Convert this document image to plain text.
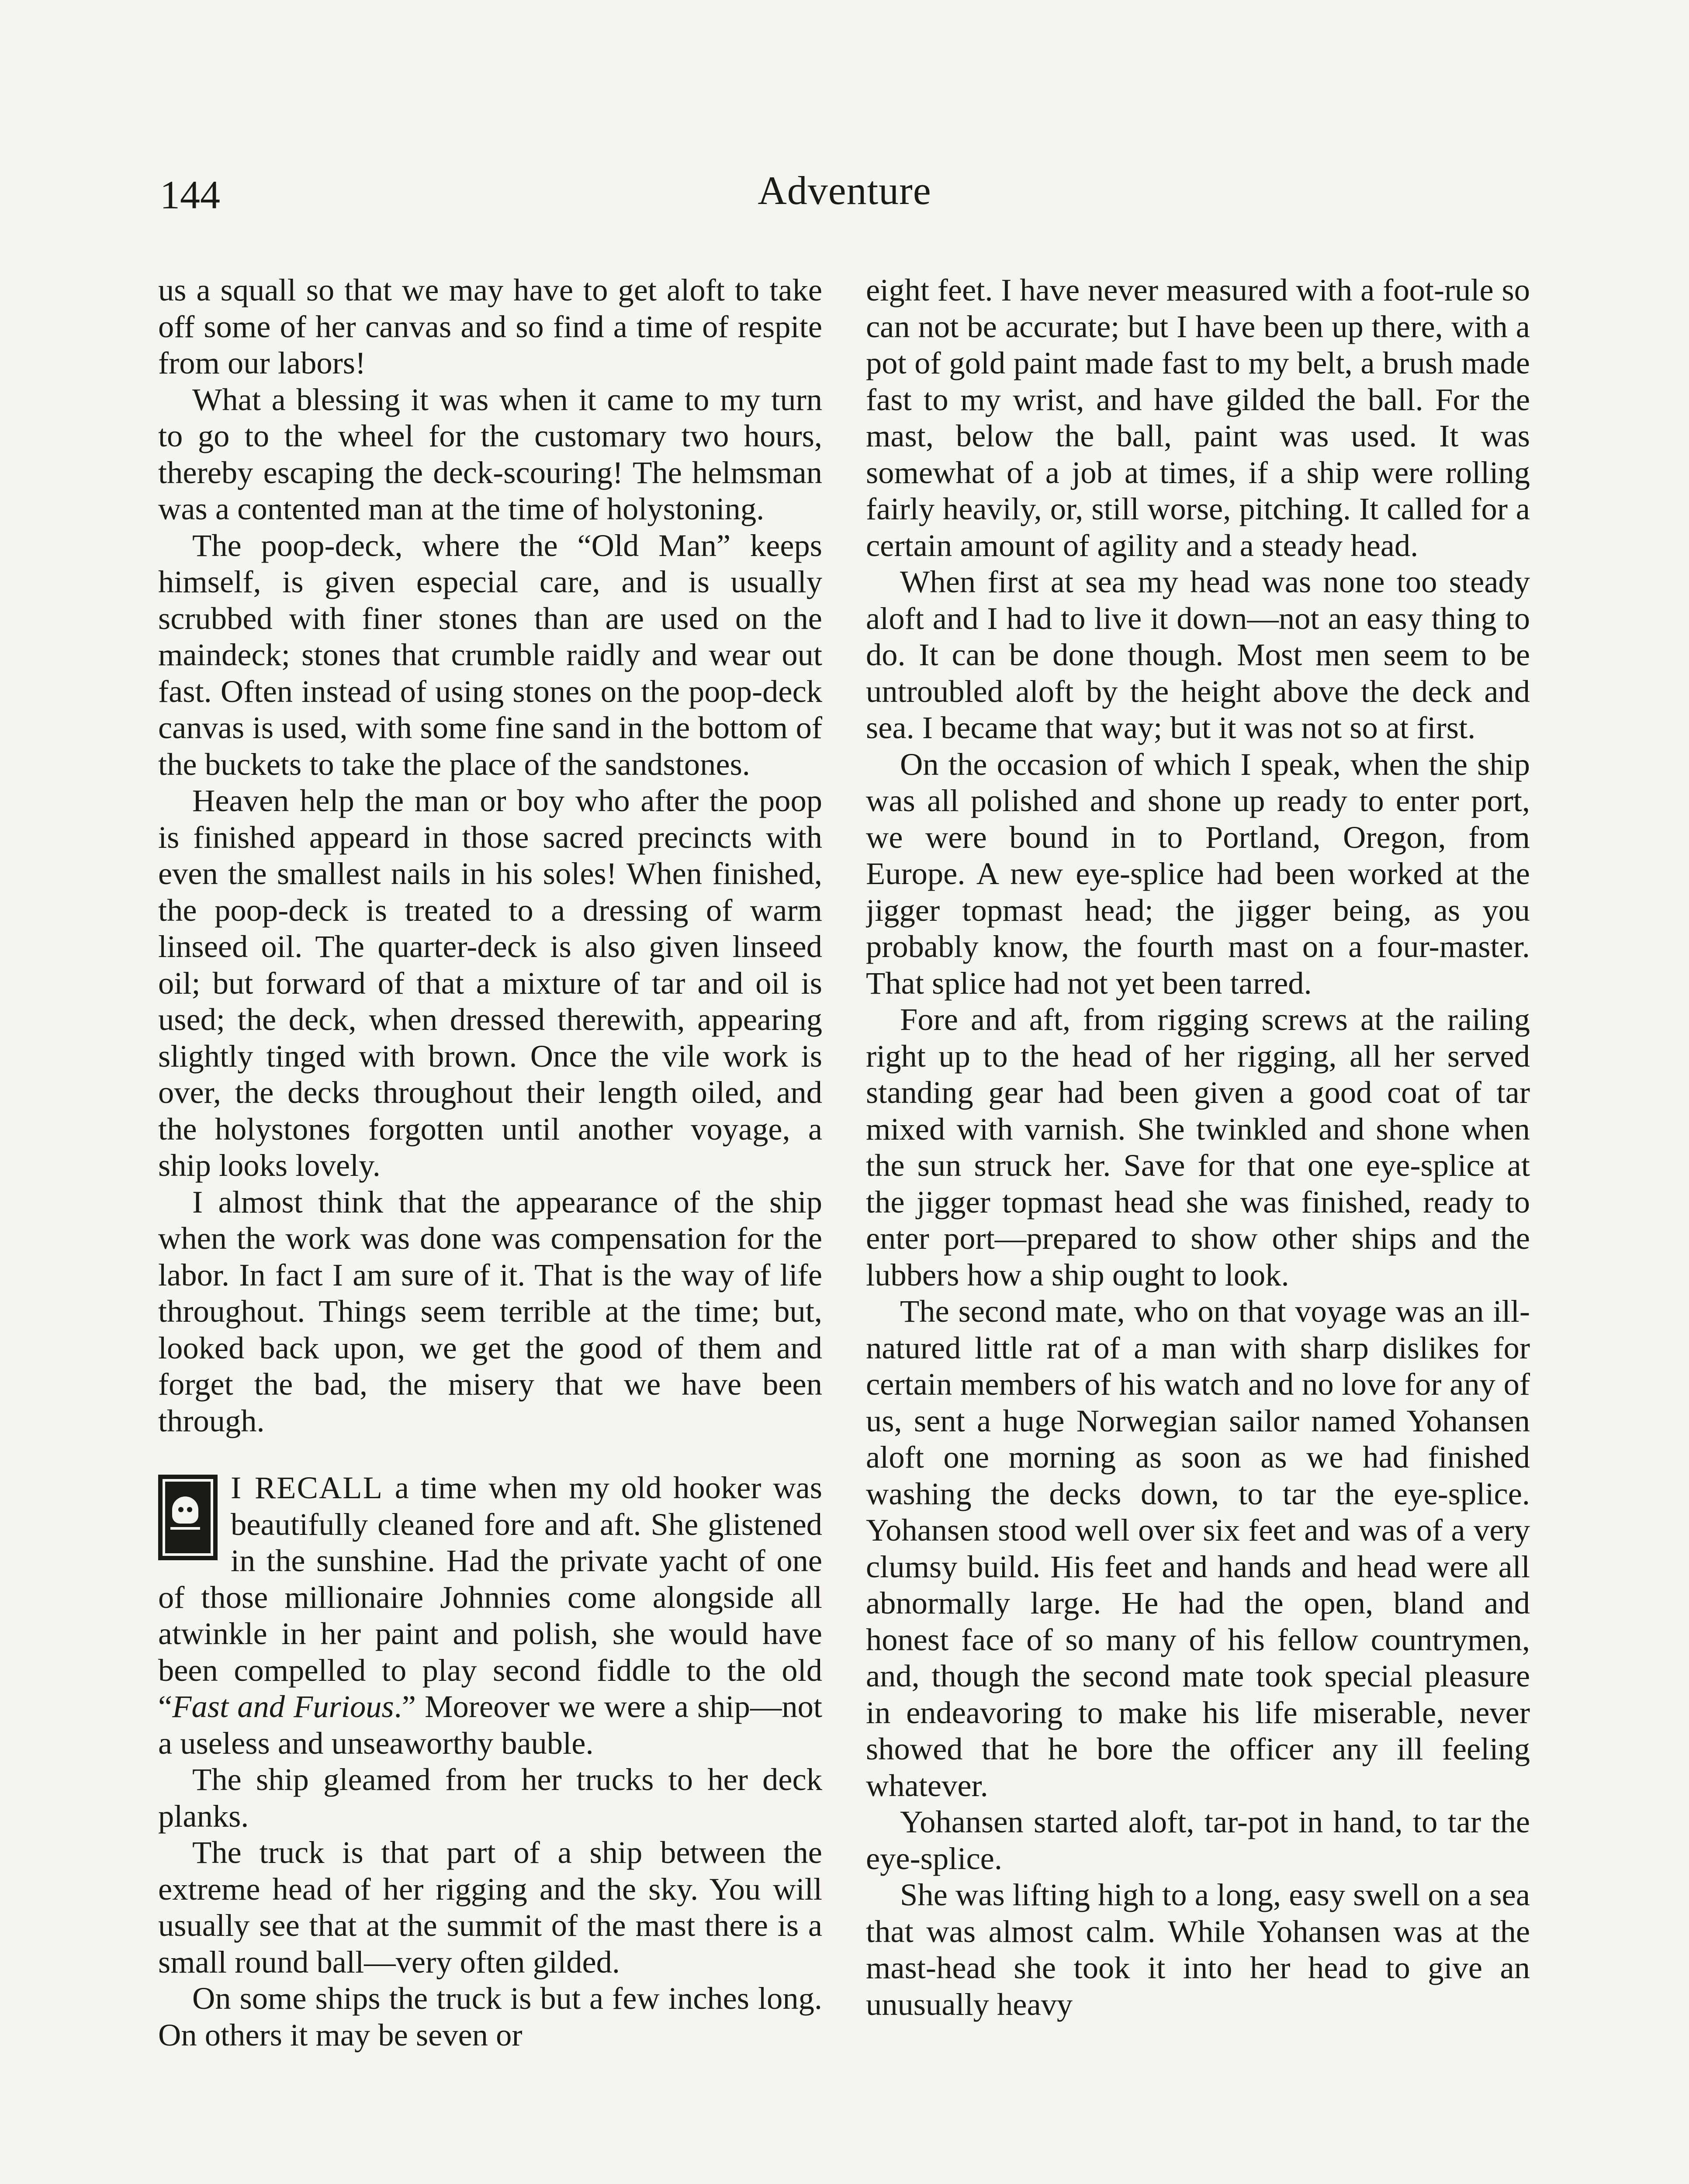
144	Adventure

us a squall so that we may have to get aloft to take off some of her canvas and so find a time of respite from our labors!

What a blessing it was when it came to my turn to go to the wheel for the customary two hours, thereby escaping the deck-scouring! The helmsman was a contented man at the time of holystoning.

The poop-deck, where the “Old Man” keeps himself, is given especial care, and is usually scrubbed with finer stones than are used on the maindeck; stones that crumble raidly and wear out fast. Often instead of using stones on the poop-deck canvas is used, with some fine sand in the bottom of the buckets to take the place of the sandstones.

Heaven help the man or boy who after the poop is finished appeard in those sacred precincts with even the smallest nails in his soles! When finished, the poop-deck is treated to a dressing of warm linseed oil. The quarter-deck is also given linseed oil; but forward of that a mixture of tar and oil is used; the deck, when dressed therewith, appearing slightly tinged with brown. Once the vile work is over, the decks throughout their length oiled, and the holystones forgotten until another voyage, a ship looks lovely.

I almost think that the appearance of the ship when the work was done was compensation for the labor. In fact I am sure of it. That is the way of life throughout. Things seem terrible at the time; but, looked back upon, we get the good of them and forget the bad, the misery that we have been through.

I RECALL a time when my old hooker was beautifully cleaned fore and aft. She glistened in the sunshine. Had the private yacht of one of those millionaire Johnnies come alongside all atwinkle in her paint and polish, she would have been compelled to play second fiddle to the old “Fast and Furious.” Moreover we were a ship—not a useless and unseaworthy bauble.

The ship gleamed from her trucks to her deck planks.

The truck is that part of a ship between the extreme head of her rigging and the sky. You will usually see that at the summit of the mast there is a small round ball—very often gilded.

On some ships the truck is but a few inches long. On others it may be seven or

eight feet. I have never measured with a foot-rule so can not be accurate; but I have been up there, with a pot of gold paint made fast to my belt, a brush made fast to my wrist, and have gilded the ball. For the mast, below the ball, paint was used. It was somewhat of a job at times, if a ship were rolling fairly heavily, or, still worse, pitching. It called for a certain amount of agility and a steady head.

When first at sea my head was none too steady aloft and I had to live it down—not an easy thing to do. It can be done though. Most men seem to be untroubled aloft by the height above the deck and sea. I became that way; but it was not so at first.

On the occasion of which I speak, when the ship was all polished and shone up ready to enter port, we were bound in to Portland, Oregon, from Europe. A new eye-splice had been worked at the jigger topmast head; the jigger being, as you probably know, the fourth mast on a four-master. That splice had not yet been tarred.

Fore and aft, from rigging screws at the railing right up to the head of her rigging, all her served standing gear had been given a good coat of tar mixed with varnish. She twinkled and shone when the sun struck her. Save for that one eye-splice at the jigger topmast head she was finished, ready to enter port—prepared to show other ships and the lubbers how a ship ought to look.

The second mate, who on that voyage was an ill-natured little rat of a man with sharp dislikes for certain members of his watch and no love for any of us, sent a huge Norwegian sailor named Yohansen aloft one morning as soon as we had finished washing the decks down, to tar the eye-splice. Yohansen stood well over six feet and was of a very clumsy build. His feet and hands and head were all abnormally large. He had the open, bland and honest face of so many of his fellow countrymen, and, though the second mate took special pleasure in endeavoring to make his life miserable, never showed that he bore the officer any ill feeling whatever.

Yohansen started aloft, tar-pot in hand, to tar the eye-splice.

She was lifting high to a long, easy swell on a sea that was almost calm. While Yohansen was at the mast-head she took it into her head to give an unusually heavy
